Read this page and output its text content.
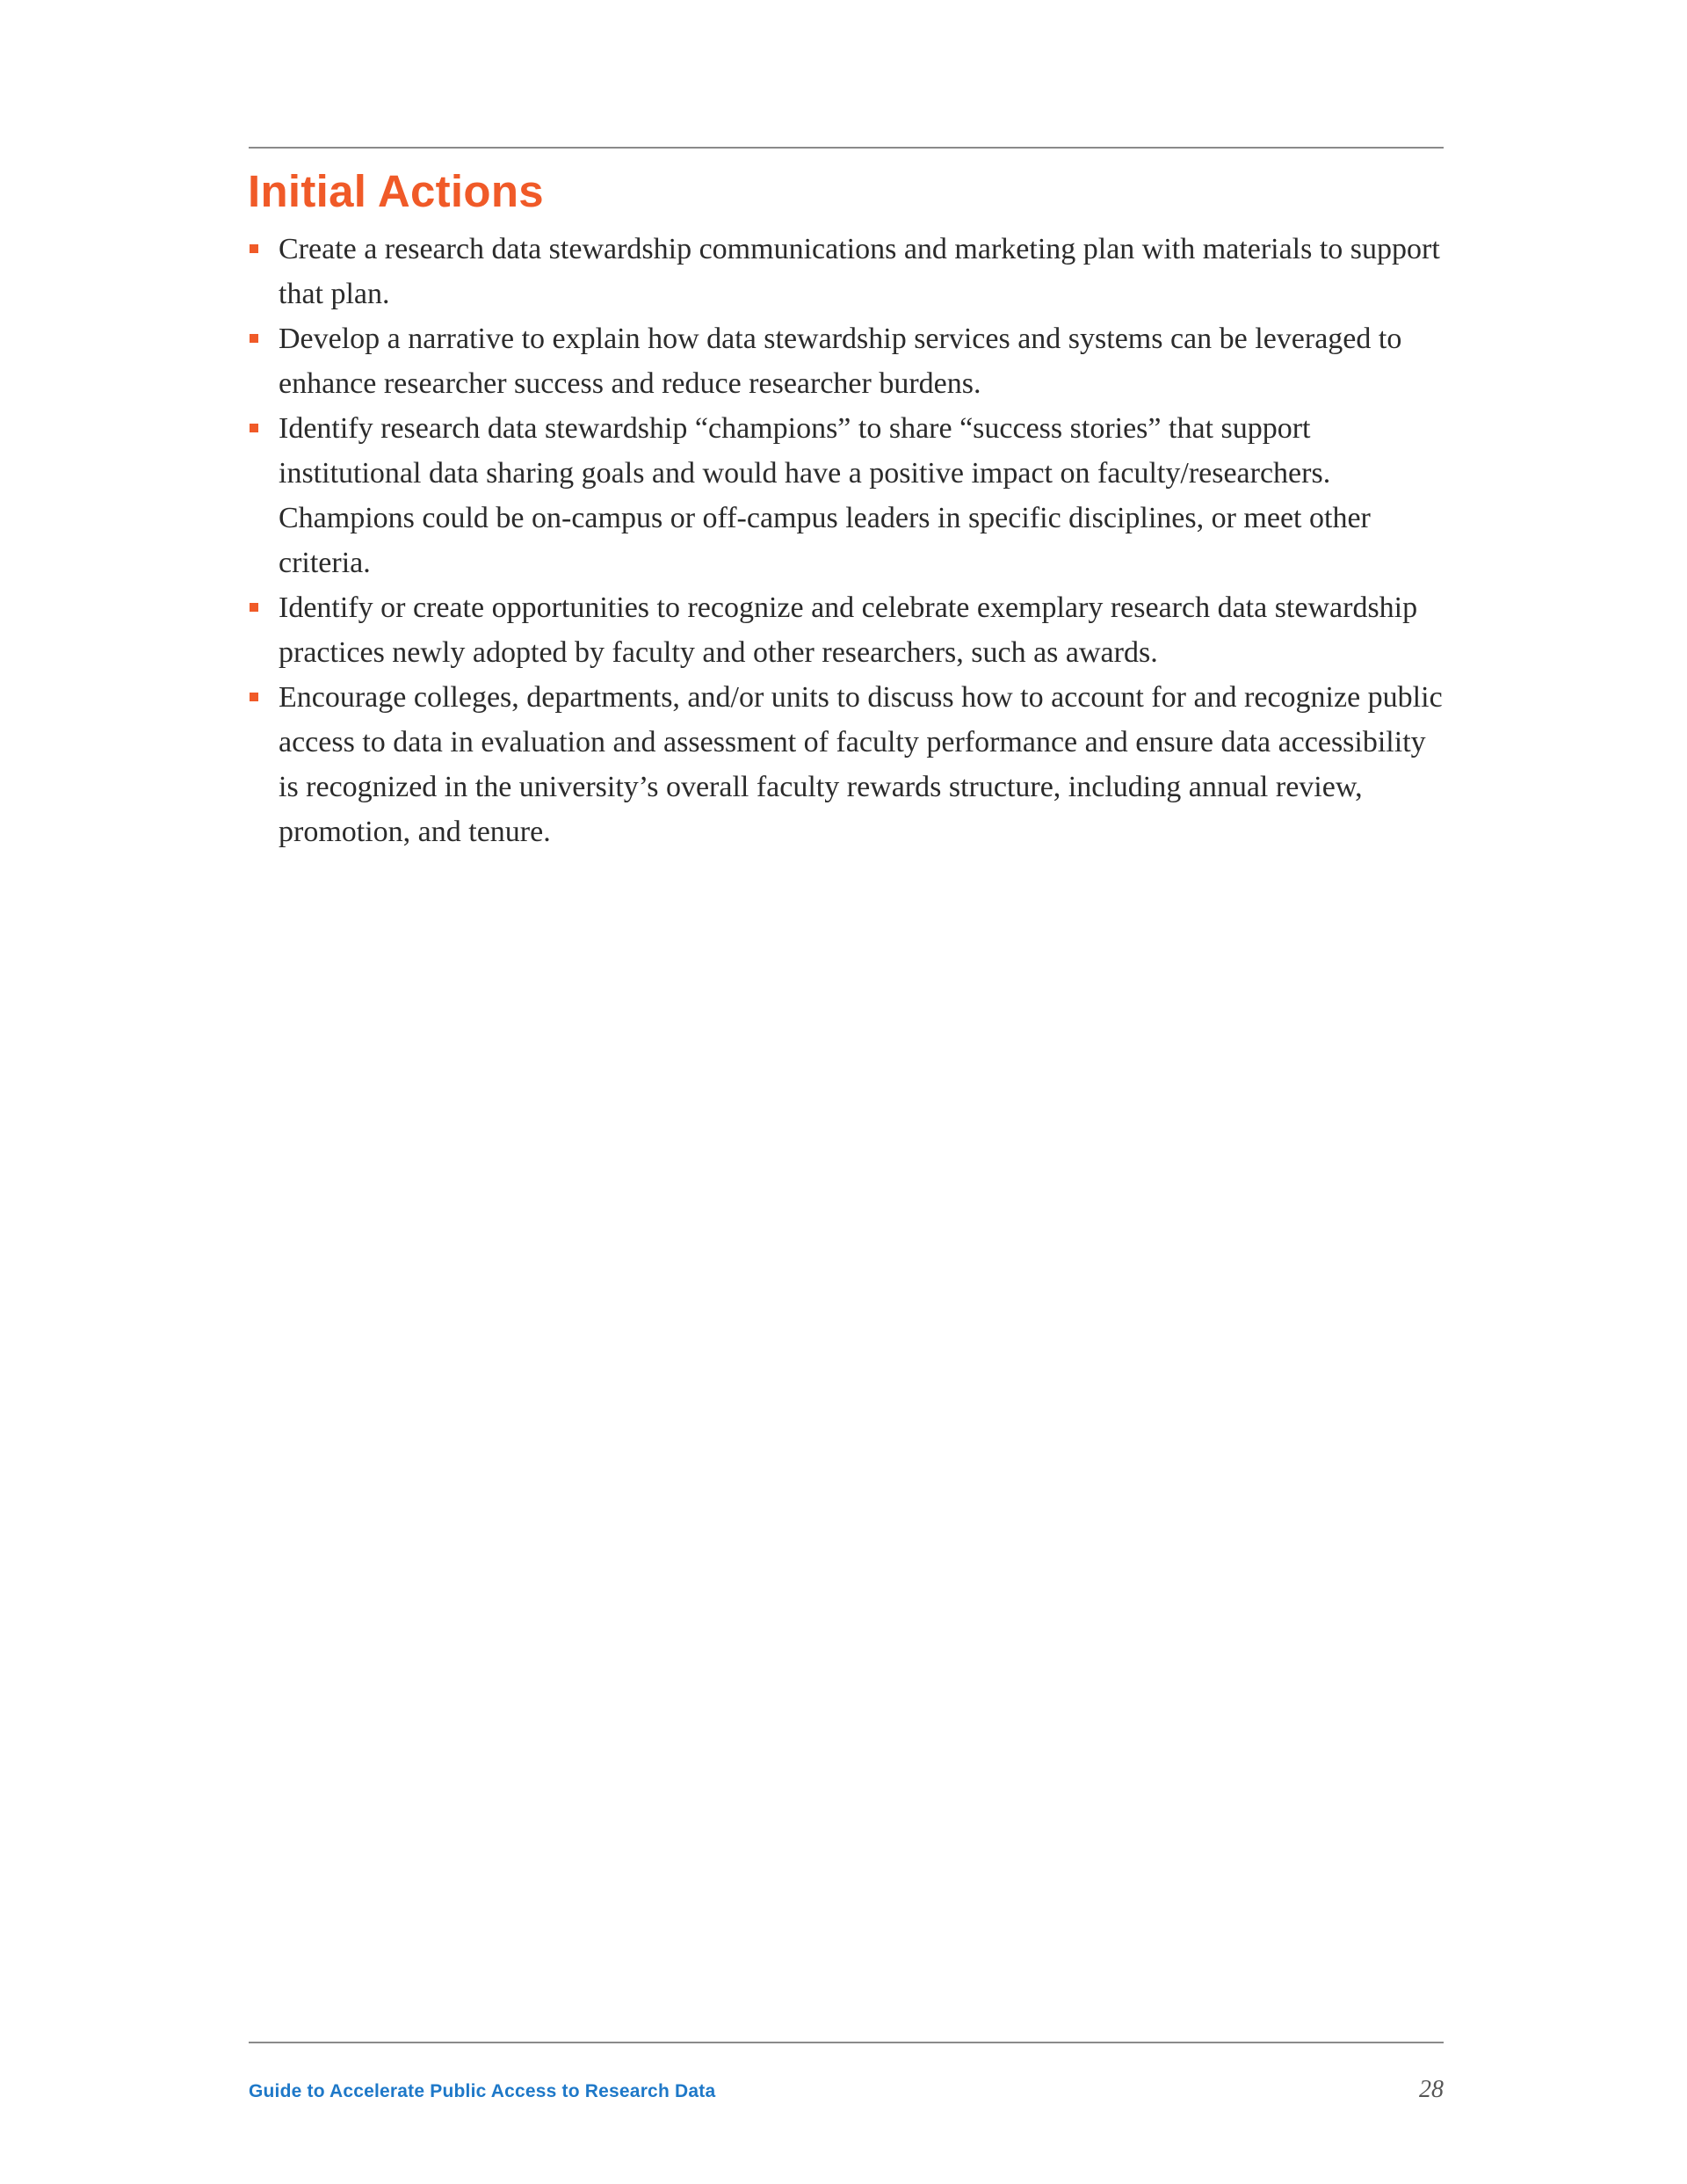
Initial Actions
Create a research data stewardship communications and marketing plan with materials to support that plan.
Develop a narrative to explain how data stewardship services and systems can be leveraged to enhance researcher success and reduce researcher burdens.
Identify research data stewardship “champions” to share “success stories” that support institutional data sharing goals and would have a positive impact on faculty/researchers. Champions could be on-campus or off-campus leaders in specific disciplines, or meet other criteria.
Identify or create opportunities to recognize and celebrate exemplary research data stewardship practices newly adopted by faculty and other researchers, such as awards.
Encourage colleges, departments, and/or units to discuss how to account for and recognize public access to data in evaluation and assessment of faculty performance and ensure data accessibility is recognized in the university’s overall faculty rewards structure, including annual review, promotion, and tenure.
Guide to Accelerate Public Access to Research Data	28
